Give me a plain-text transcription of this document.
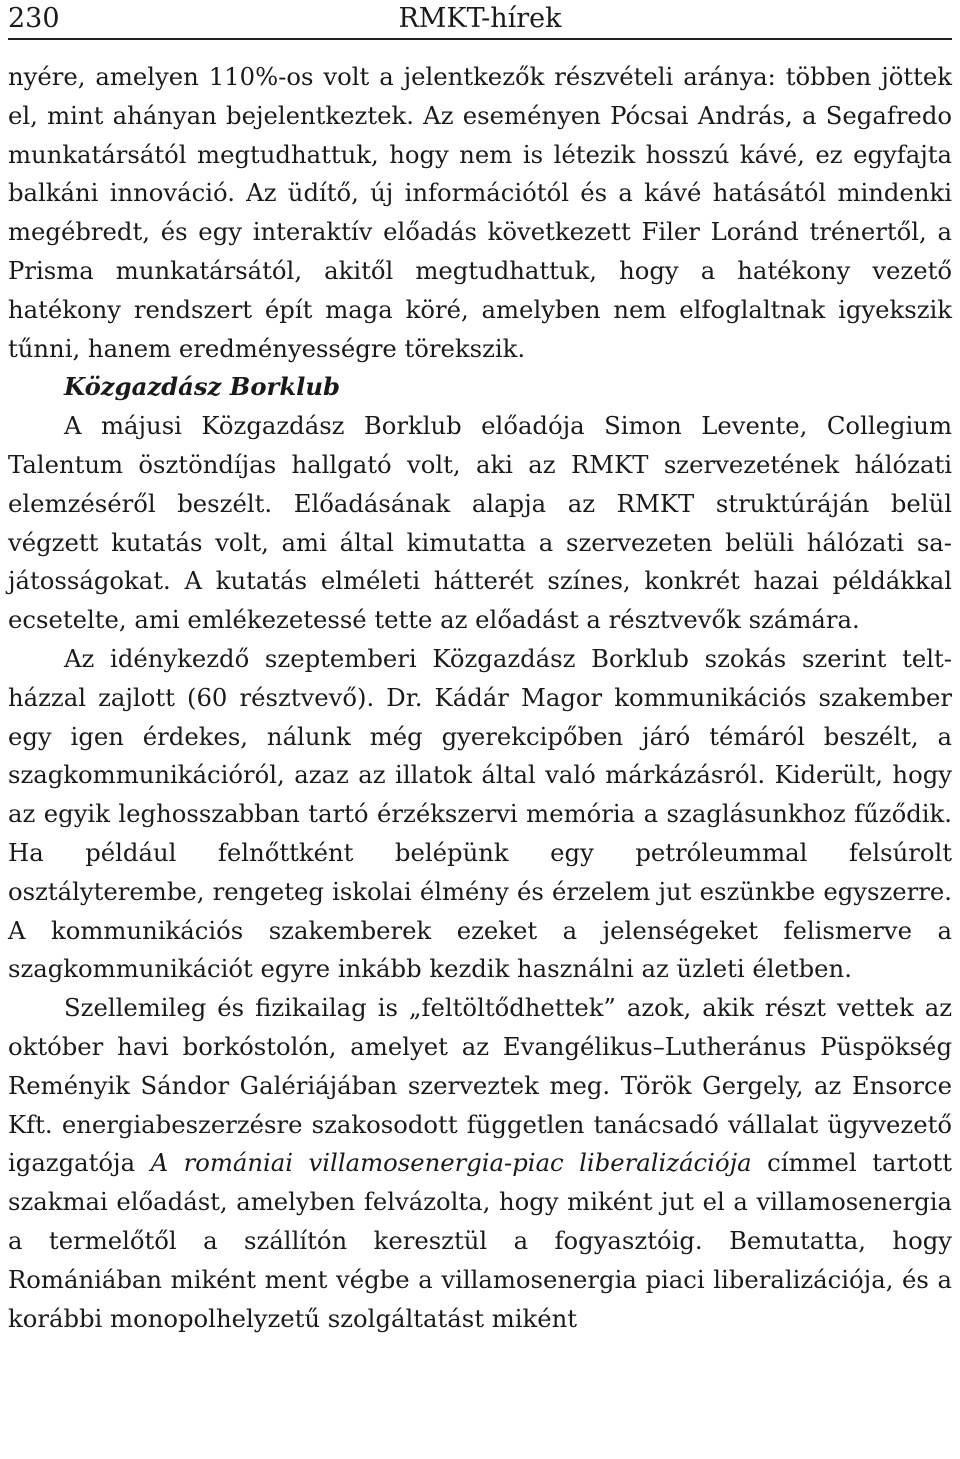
230	RMKT-hírek

nyére, amelyen 110%-os volt a jelentkezők részvételi aránya: többen jöttek el, mint ahányan bejelentkeztek. Az eseményen Pócsai András, a Segafredo munkatársától megtudhattuk, hogy nem is létezik hosszú kávé, ez egyfajta balkáni innováció. Az üdítő, új információtól és a kávé hatásától mindenki megébredt, és egy interaktív előadás következett Filer Loránd trénertől, a Prisma munkatársától, akitől megtudhattuk, hogy a hatékony vezető hatékony rendszert épít maga köré, amelyben nem elfoglaltnak igyekszik tűnni, hanem eredményességre törekszik.

Közgazdász Borklub

A májusi Közgazdász Borklub előadója Simon Levente, Collegium Talentum ösztöndíjas hallgató volt, aki az RMKT szervezetének hálózati elemzéséről beszélt. Előadásának alapja az RMKT struktúráján belül végzett kutatás volt, ami által kimutatta a szervezeten belüli hálózati sajátosságokat. A kutatás elméleti hátterét színes, konkrét hazai példákkal ecsetelte, ami emlékezetessé tette az előadást a résztvevők számára.

Az idénykezdő szeptemberi Közgazdász Borklub szokás szerint teltházzal zajlott (60 résztvevő). Dr. Kádár Magor kommunikációs szakember egy igen érdekes, nálunk még gyerekcipőben járó témáról beszélt, a szagkommunikációról, azaz az illatok által való márkázásról. Kiderült, hogy az egyik leghosszabban tartó érzékszervi memória a szaglásunkhoz fűződik. Ha például felnőttként belépünk egy petróleummal felsúrolt osztályterembe, rengeteg iskolai élmény és érzelem jut eszünkbe egyszerre. A kommunikációs szakemberek ezeket a jelenségeket felismerve a szagkommunikációt egyre inkább kezdik használni az üzleti életben.

Szellemileg és fizikailag is „feltöltődhettek” azok, akik részt vettek az október havi borkóstolón, amelyet az Evangélikus–Lutheránus Püspökség Reményik Sándor Galériájában szerveztek meg. Török Gergely, az Ensorce Kft. energiabeszerzésre szakosodott független tanácsadó vállalat ügyvezető igazgatója A romániai villamosenergia-piac liberalizációja címmel tartott szakmai előadást, amelyben felvázolta, hogy miként jut el a villamosenergia a termelőtől a szállítón keresztül a fogyasztóig. Bemutatta, hogy Romániában miként ment végbe a villamosenergia piaci liberalizációja, és a korábbi monopolhelyzetű szolgáltatást miként
